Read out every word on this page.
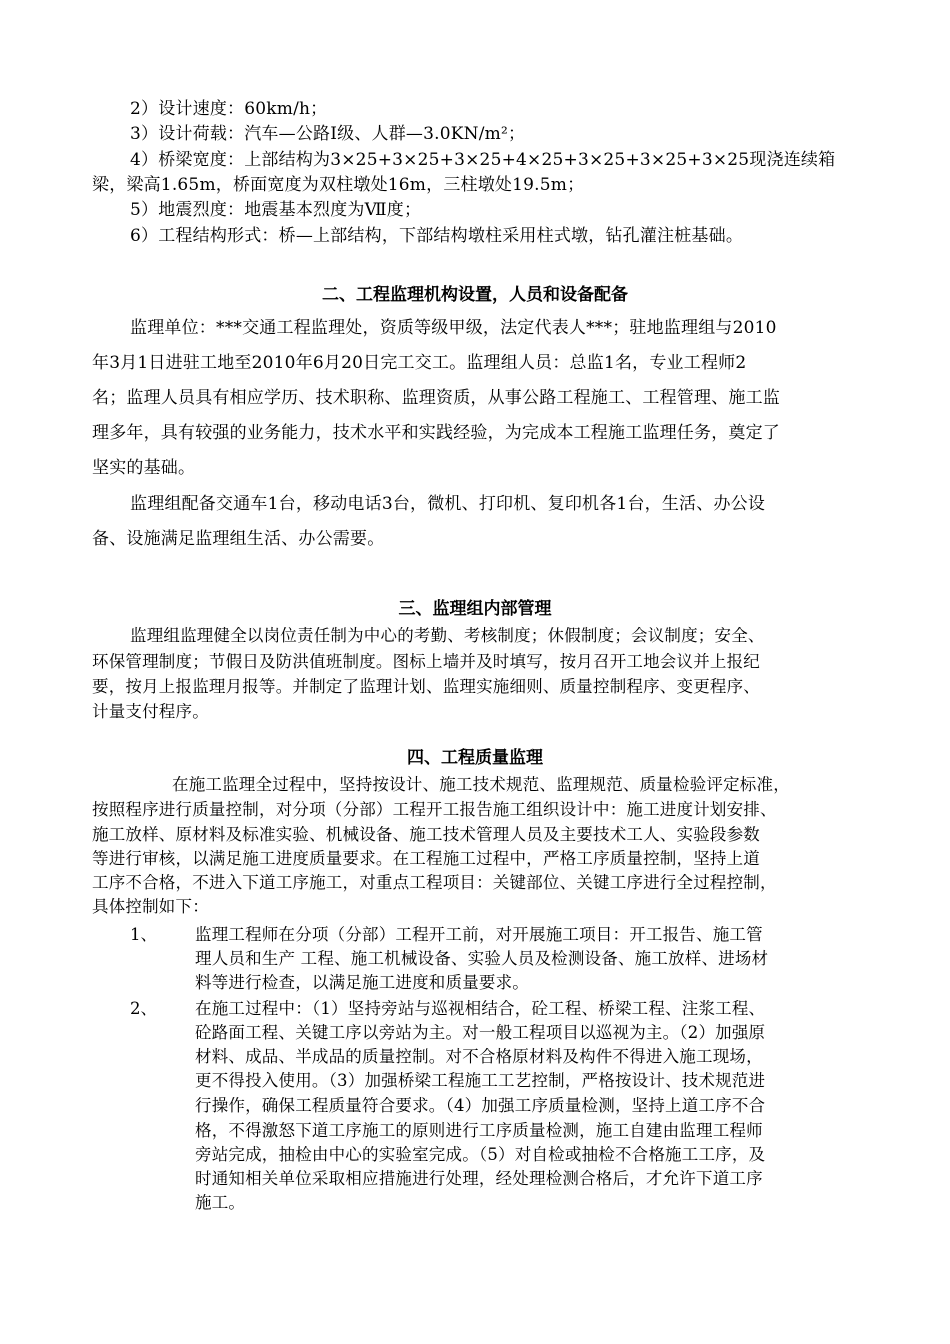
2）设计速度：60km/h；
3）设计荷载：汽车—公路Ⅰ级、人群—3.0KN/m²；
4）桥梁宽度：上部结构为3×25+3×25+3×25+4×25+3×25+3×25+3×25现浇连续箱
梁，梁高1.65m，桥面宽度为双柱墩处16m，三柱墩处19.5m；
5）地震烈度：地震基本烈度为Ⅶ度；
6）工程结构形式：桥—上部结构，下部结构墩柱采用柱式墩，钻孔灌注桩基础。
二、工程监理机构设置，人员和设备配备
监理单位：***交通工程监理处，资质等级甲级，法定代表人***；驻地监理组与2010
年3月1日进驻工地至2010年6月20日完工交工。监理组人员：总监1名，专业工程师2
名；监理人员具有相应学历、技术职称、监理资质，从事公路工程施工、工程管理、施工监
理多年，具有较强的业务能力，技术水平和实践经验，为完成本工程施工监理任务，奠定了
坚实的基础。
监理组配备交通车1台，移动电话3台，微机、打印机、复印机各1台，生活、办公设
备、设施满足监理组生活、办公需要。
三、监理组内部管理
监理组监理健全以岗位责任制为中心的考勤、考核制度；休假制度；会议制度；安全、
环保管理制度；节假日及防洪值班制度。图标上墙并及时填写，按月召开工地会议并上报纪
要，按月上报监理月报等。并制定了监理计划、监理实施细则、质量控制程序、变更程序、
计量支付程序。
四、工程质量监理
在施工监理全过程中，坚持按设计、施工技术规范、监理规范、质量检验评定标准，
按照程序进行质量控制，对分项（分部）工程开工报告施工组织设计中：施工进度计划安排、
施工放样、原材料及标准实验、机械设备、施工技术管理人员及主要技术工人、实验段参数
等进行审核，以满足施工进度质量要求。在工程施工过程中，严格工序质量控制，坚持上道
工序不合格，不进入下道工序施工，对重点工程项目：关键部位、关键工序进行全过程控制，
具体控制如下：
1、 监理工程师在分项（分部）工程开工前，对开展施工项目：开工报告、施工管
理人员和生产 工程、施工机械设备、实验人员及检测设备、施工放样、进场材
料等进行检查，以满足施工进度和质量要求。
2、 在施工过程中：（1）坚持旁站与巡视相结合，砼工程、桥梁工程、注浆工程、
砼路面工程、关键工序以旁站为主。对一般工程项目以巡视为主。（2）加强原
材料、成品、半成品的质量控制。对不合格原材料及构件不得进入施工现场，
更不得投入使用。（3）加强桥梁工程施工工艺控制，严格按设计、技术规范进
行操作，确保工程质量符合要求。（4）加强工序质量检测，坚持上道工序不合
格，不得激怒下道工序施工的原则进行工序质量检测，施工自建由监理工程师
旁站完成，抽检由中心的实验室完成。（5）对自检或抽检不合格施工工序，及
时通知相关单位采取相应措施进行处理，经处理检测合格后，才允许下道工序
施工。
